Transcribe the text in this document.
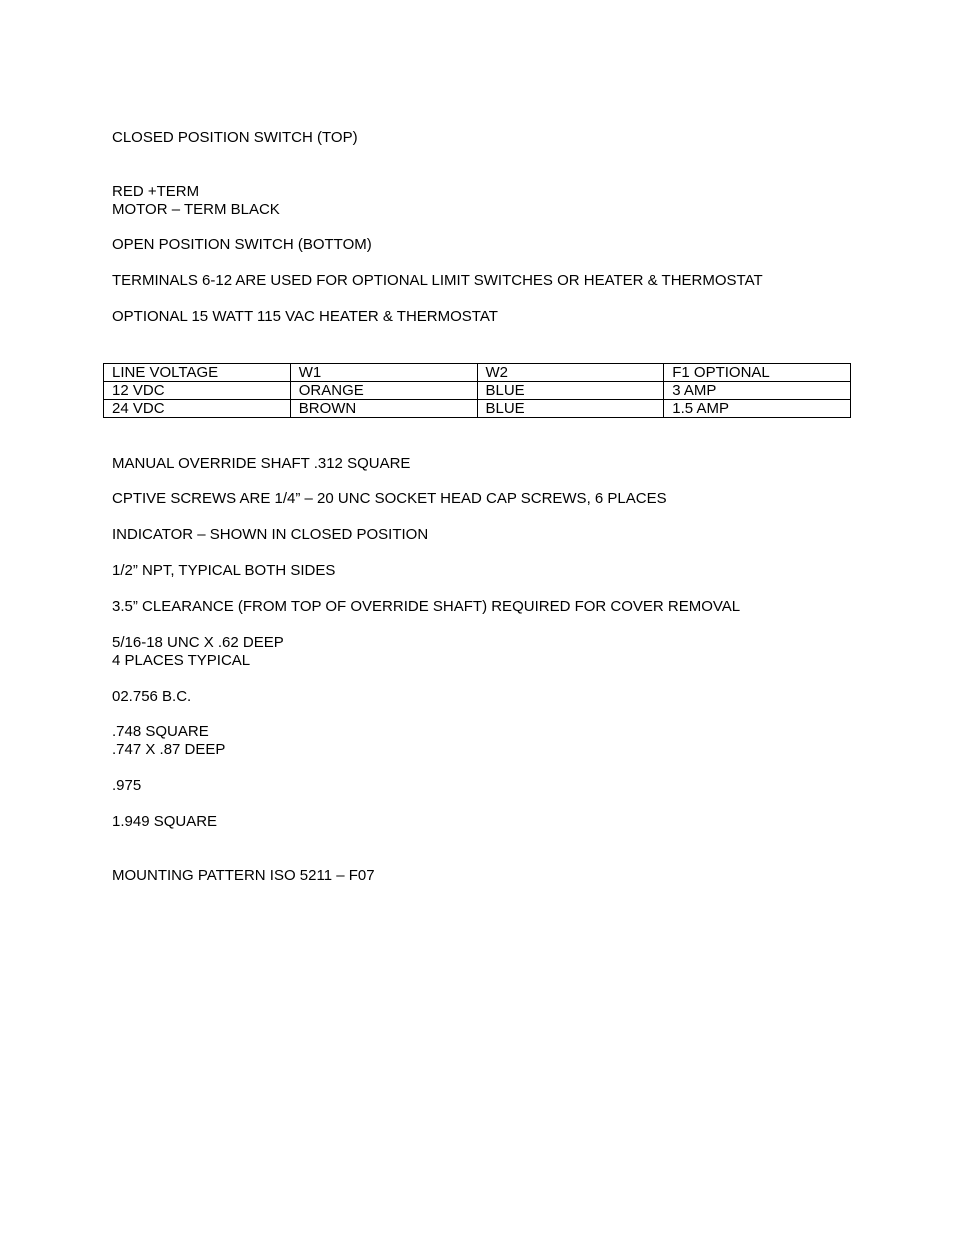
CLOSED POSITION SWITCH (TOP)
RED +TERM
MOTOR – TERM BLACK
OPEN POSITION SWITCH (BOTTOM)
TERMINALS 6-12 ARE USED FOR OPTIONAL LIMIT SWITCHES OR HEATER & THERMOSTAT
OPTIONAL 15 WATT 115 VAC HEATER & THERMOSTAT
LINE VOLTAGE	W1	W2	F1 OPTIONAL
12 VDC	ORANGE	BLUE	3 AMP
24 VDC	BROWN	BLUE	1.5 AMP
MANUAL OVERRIDE SHAFT .312 SQUARE
CPTIVE SCREWS ARE 1/4” – 20 UNC SOCKET HEAD CAP SCREWS, 6 PLACES
INDICATOR – SHOWN IN CLOSED POSITION
1/2” NPT, TYPICAL BOTH SIDES
3.5” CLEARANCE (FROM TOP OF OVERRIDE SHAFT) REQUIRED FOR COVER REMOVAL
5/16-18 UNC X .62 DEEP
4 PLACES TYPICAL
02.756 B.C.
.748 SQUARE
.747 X .87 DEEP
.975
1.949 SQUARE
MOUNTING PATTERN ISO 5211 – F07
